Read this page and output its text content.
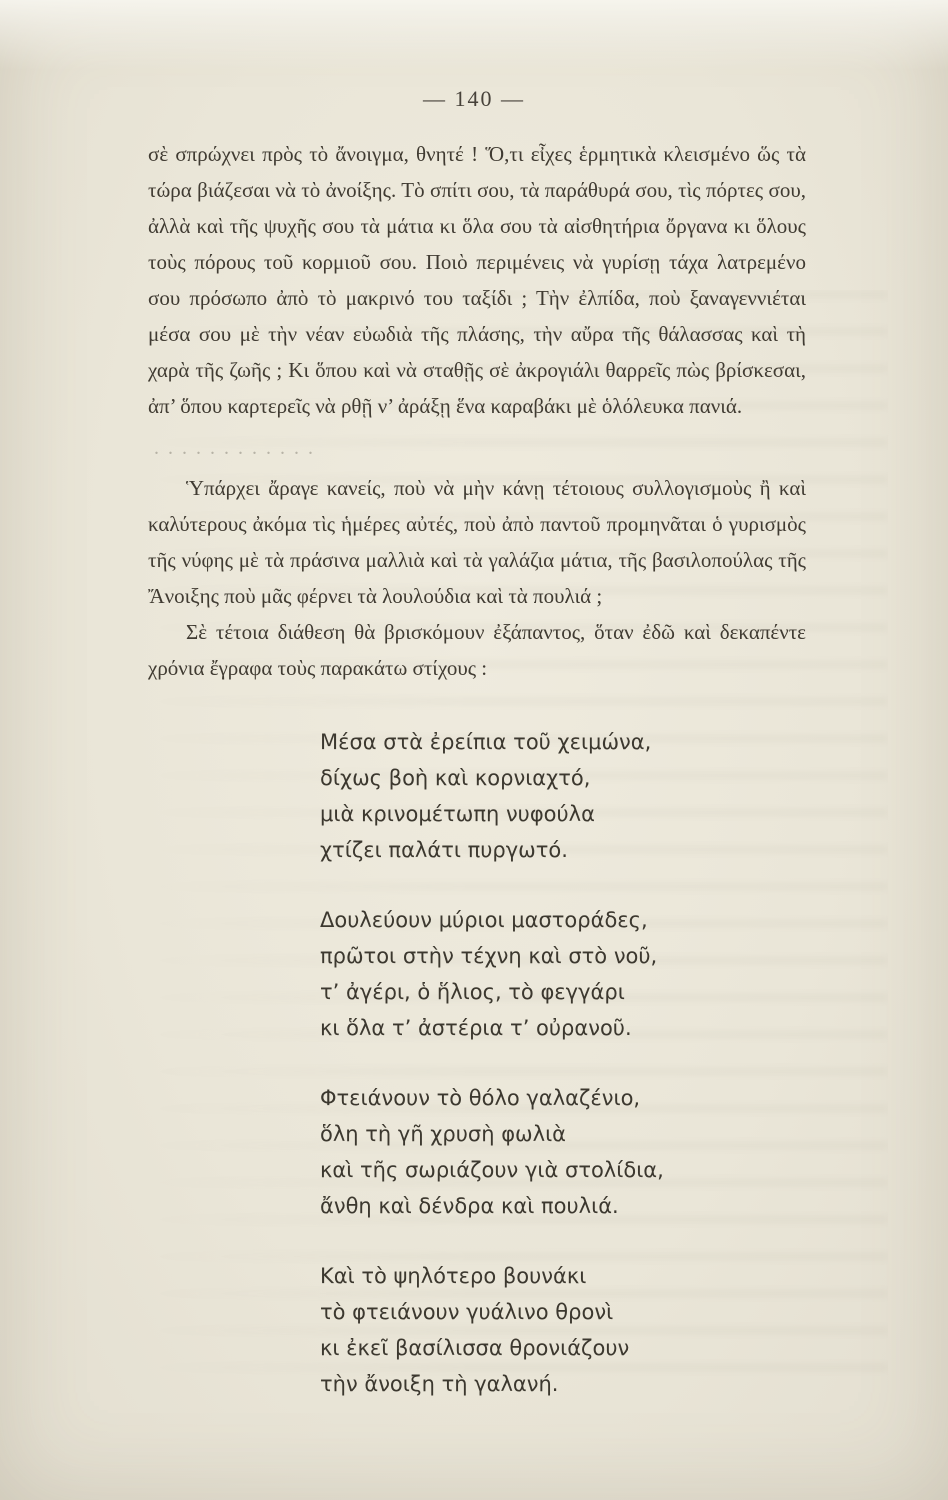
— 140 —

σὲ σπρώχνει πρὸς τὸ ἄνοιγμα, θνητέ ! Ὅ,τι εἶχες ἑρμητικὰ κλεισμένο ὥς τὰ τώρα βιάζεσαι νὰ τὸ ἀνοίξης. Τὸ σπίτι σου, τὰ παράθυρά σου, τὶς πόρτες σου, ἀλλὰ καὶ τῆς ψυχῆς σου τὰ μάτια κι ὅλα σου τὰ αἰσθητήρια ὄργανα κι ὅλους τοὺς πόρους τοῦ κορμιοῦ σου. Ποιὸ περιμένεις νὰ γυρίσῃ τάχα λατρεμένο σου πρόσωπο ἀπὸ τὸ μακρινό του ταξίδι ; Τὴν ἐλπίδα, ποὺ ξαναγεννιέται μέσα σου μὲ τὴν νέαν εὐωδιὰ τῆς πλάσης, τὴν αὔρα τῆς θάλασσας καὶ τὴ χαρὰ τῆς ζωῆς ; Κι ὅπου καὶ νὰ σταθῇς σὲ ἀκρογιάλι θαρρεῖς πὼς βρίσκεσαι, ἀπ’ ὅπου καρτερεῖς νὰ ρθῇ ν’ ἀράξῃ ἕνα καραβάκι μὲ ὁλόλευκα πανιά.

. . . . . . . . . . . .

Ὑπάρχει ἄραγε κανείς, ποὺ νὰ μὴν κάνῃ τέτοιους συλλογισμοὺς ἢ καὶ καλύτερους ἀκόμα τὶς ἡμέρες αὐτές, ποὺ ἀπὸ παντοῦ προμηνᾶται ὁ γυρισμὸς τῆς νύφης μὲ τὰ πράσινα μαλλιὰ καὶ τὰ γαλάζια μάτια, τῆς βασιλοπούλας τῆς Ἄνοιξης ποὺ μᾶς φέρνει τὰ λουλούδια καὶ τὰ πουλιά ;

Σὲ τέτοια διάθεση θὰ βρισκόμουν ἐξάπαντος, ὅταν ἐδῶ καὶ δεκαπέντε χρόνια ἔγραφα τοὺς παρακάτω στίχους :

Μέσα στὰ ἐρείπια τοῦ χειμώνα,
δίχως βοὴ καὶ κορνιαχτό,
μιὰ κρινομέτωπη νυφούλα
χτίζει παλάτι πυργωτό.
Δουλεύουν μύριοι μαστοράδες,
πρῶτοι στὴν τέχνη καὶ στὸ νοῦ,
τ’ ἀγέρι, ὁ ἥλιος, τὸ φεγγάρι
κι ὅλα τ’ ἀστέρια τ’ οὐρανοῦ.
Φτειάνουν τὸ θόλο γαλαζένιο,
ὅλη τὴ γῆ χρυσὴ φωλιὰ
καὶ τῆς σωριάζουν γιὰ στολίδια,
ἄνθη καὶ δένδρα καὶ πουλιά.
Καὶ τὸ ψηλότερο βουνάκι
τὸ φτειάνουν γυάλινο θρονὶ
κι ἐκεῖ βασίλισσα θρονιάζουν
τὴν ἄνοιξη τὴ γαλανή.
